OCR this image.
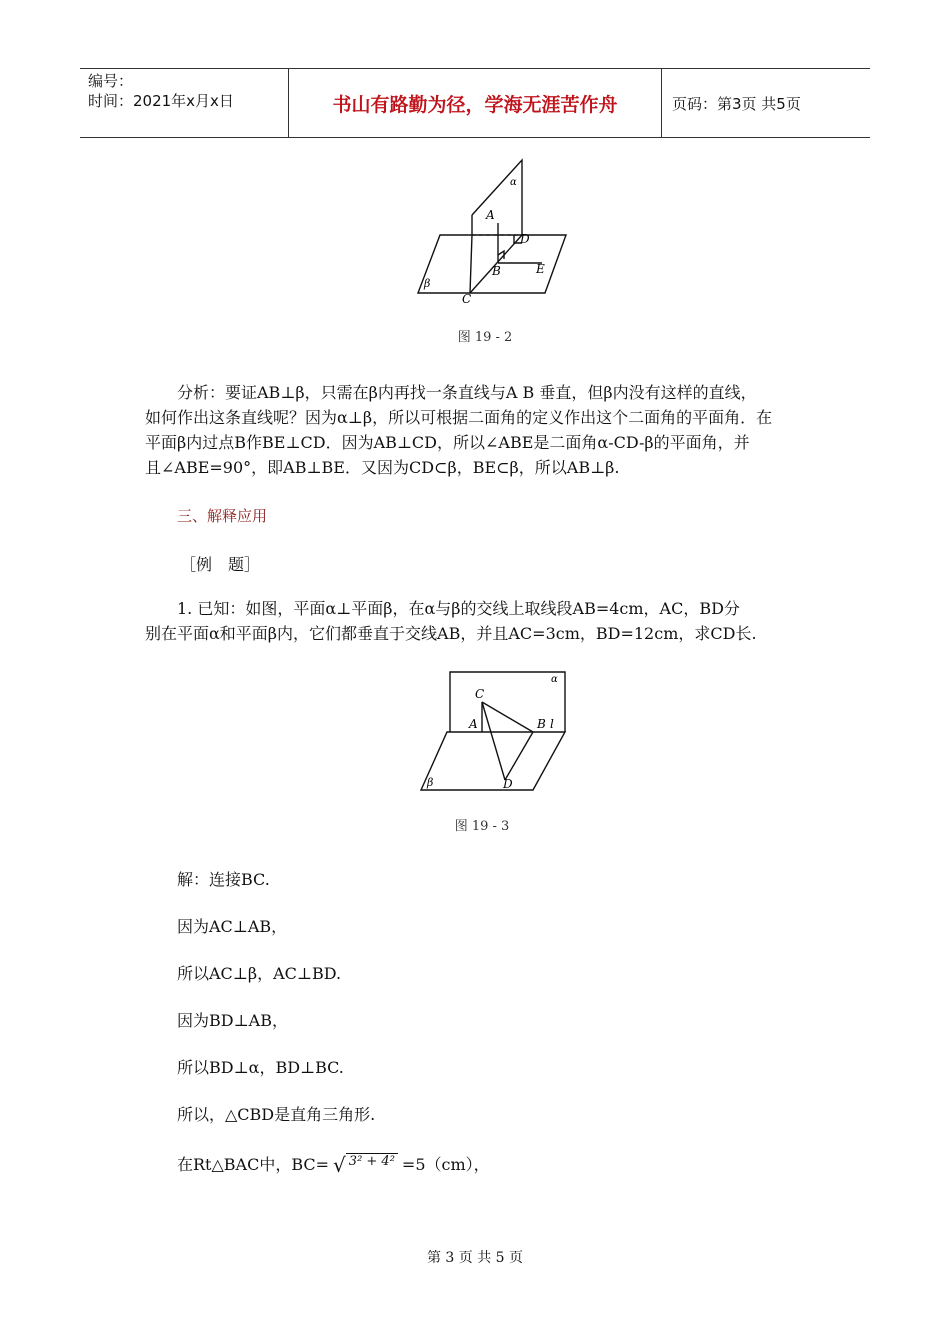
编号：
时间：2021年x月x日	书山有路勤为径，学海无涯苦作舟	页码：第3页 共5页
α
β
A
D
B	E
C
图 19 - 2

分析：要证AB⊥β，只需在β内再找一条直线与A B 垂直，但β内没有这样的直线，

如何作出这条直线呢？因为α⊥β，所以可根据二面角的定义作出这个二面角的平面角．在
平面β内过点B作BE⊥CD．因为AB⊥CD，所以∠ABE是二面角α-CD-β的平面角，并
且∠ABE=90°，即AB⊥BE．又因为CD⊂β，BE⊂β，所以AB⊥β.
三、解释应用
［例　题］

1. 已知：如图，平面α⊥平面β，在α与β的交线上取线段AB=4cm，AC，BD分

别在平面α和平面β内，它们都垂直于交线AB，并且AC=3cm，BD=12cm，求CD长.
α
β
C
A	B l
D
图 19 - 3
解：连接BC.
因为AC⊥AB，
所以AC⊥β，AC⊥BD.
因为BD⊥AB，
所以BD⊥α，BD⊥BC.
所以，△CBD是直角三角形.
在Rt△BAC中，BC= √ 3² + 4² =5（cm），
第 3 页 共 5 页
